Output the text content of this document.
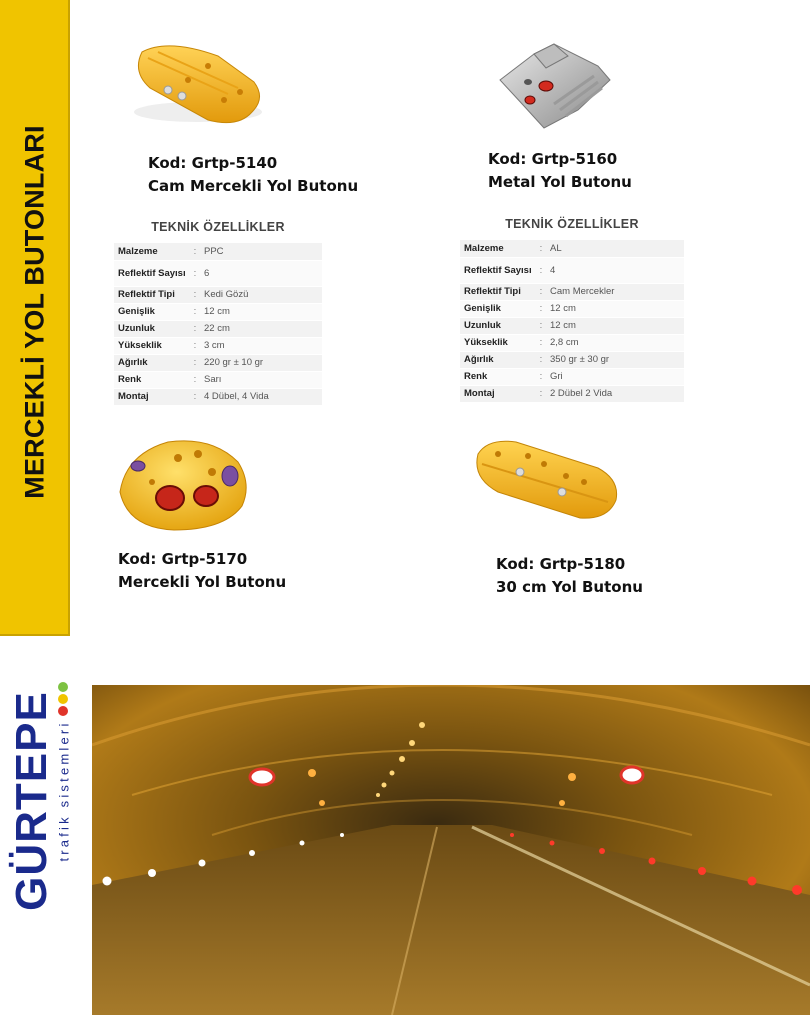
MERCEKLİ YOL BUTONLARI	Kod: Grtp-5140
Cam Mercekli Yol Butonu
Kod: Grtp-5160
Metal Yol Butonu
TEKNİK ÖZELLİKLER
Malzeme	:	PPC
Reflektif Sayısı	:	6
Reflektif Tipi	:	Kedi Gözü
Genişlik	:	12 cm
Uzunluk	:	22 cm
Yükseklik	:	3 cm
Ağırlık	:	220 gr ± 10 gr
Renk	:	Sarı
Montaj	:	4 Dübel, 4 Vida
TEKNİK ÖZELLİKLER
Malzeme	:	AL
Reflektif Sayısı	:	4
Reflektif Tipi	:	Cam Mercekler
Genişlik	:	12 cm
Uzunluk	:	12 cm
Yükseklik	:	2,8 cm
Ağırlık	:	350 gr ± 30 gr
Renk	:	Gri
Montaj	:	2 Dübel 2 Vida
Kod: Grtp-5170
Mercekli Yol Butonu
Kod: Grtp-5180
30 cm Yol Butonu
GÜRTEPE trafik sistemleri
